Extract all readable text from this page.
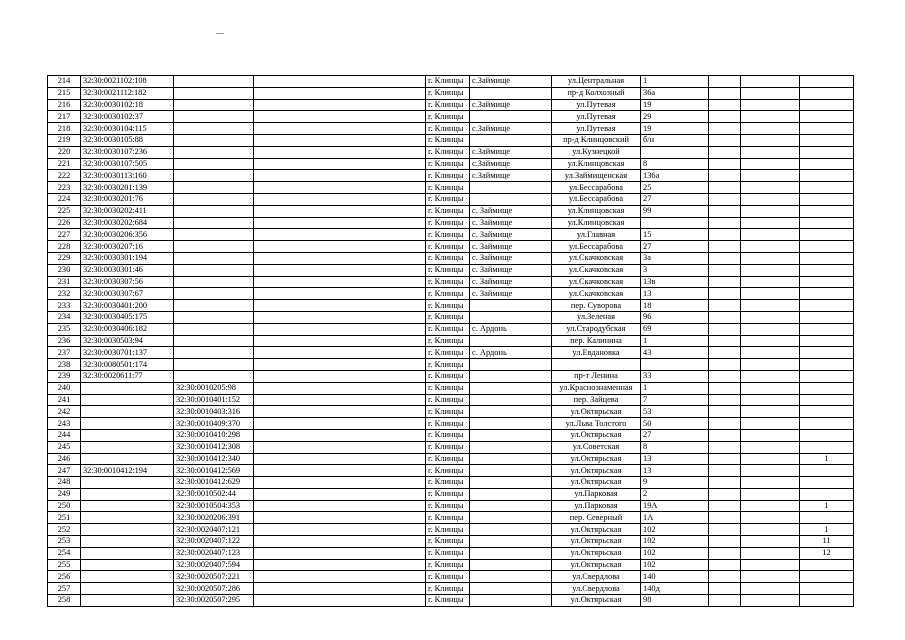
214	32:30:0021102:108			г. Клинцы	с.Займище	ул.Центральная	1			
215	32:30:0021112:182			г. Клинцы		пр-д Колхозный	36а			
216	32:30:0030102:18			г. Клинцы	с.Займище	ул.Путевая	19			
217	32:30:0030102:37			г. Клинцы		ул.Путевая	29			
218	32:30:0030104:115			г. Клинцы	с.Займище	ул.Путевая	19			
219	32:30:0030105:88			г. Клинцы		пр-д Клинцовский	б/н			
220	32:30:0030107:236			г. Клинцы	с.Займище	ул.Кузнецкой				
221	32:30:0030107:505			г. Клинцы	с.Займище	ул.Клинцовская	8			
222	32:30:0030113:160			г. Клинцы	с.Займище	ул.Займищенская	136а			
223	32:30:0030201:139			г. Клинцы		ул.Бессарабова	25			
224	32:30:0030201:76			г. Клинцы		ул.Бессарабова	27			
225	32:30:0030202:411			г. Клинцы	с. Займище	ул.Клинцовская	99			
226	32:30:0030202:684			г. Клинцы	с. Займище	ул.Клинцовская				
227	32:30:0030206:356			г. Клинцы	с. Займище	ул.Главная	15			
228	32:30:0030207:16			г. Клинцы	с. Займище	ул.Бессарабова	27			
229	32:30:0030301:194			г. Клинцы	с. Займище	ул.Скачковская	3а			
230	32:30:0030301:46			г. Клинцы	с. Займище	ул.Скачковская	3			
231	32:30:0030307:56			г. Клинцы	с. Займище	ул.Скачковская	13в			
232	32:30:0030307:67			г. Клинцы	с. Займище	ул.Скачковская	13			
233	32:30:0030401:200			г. Клинцы		пер. Суворова	18			
234	32:30:0030405:175			г. Клинцы		ул.Зеленая	96			
235	32:30:0030406:182			г. Клинцы	с. Ардонь	ул.Стародубская	69			
236	32:30:0030503:94			г. Клинцы		пер. Калинина	1			
237	32:30:0030701:137			г. Клинцы	с. Ардонь	ул.Евдановка	43			
238	32:30:0080501:174			г. Клинцы						
239	32:30:0020611:77			г. Клинцы		пр-т Ленина	33			
240		32:30:0010205:98		г. Клинцы		ул.Краснознаменная	1			
241		32:30:0010401:152		г. Клинцы		пер. Зайцева	7			
242		32:30:0010403:316		г. Клинцы		ул.Октярьская	53			
243		32:30:0010409:370		г. Клинцы		ул.Льва Толстого	50			
244		32:30:0010410:298		г. Клинцы		ул.Октярьская	27			
245		32:30:0010412:308		г. Клинцы		ул.Советская	8			
246		32:30:0010412:340		г. Клинцы		ул.Октярьская	13			1
247	32:30:0010412:194	32:30:0010412:569		г. Клинцы		ул.Октярьская	13			
248		32:30:0010412:629		г. Клинцы		ул.Октярьская	9			
249		32:30:0010502:44		г. Клинцы		ул.Парковая	2			
250		32:30:0010504:353		г. Клинцы		ул.Парковая	19А			1
251		32:30:0020206:391		г. Клинцы		пер. Северный	1А			
252		32:30:0020407:121		г. Клинцы		ул.Октярьская	102			1
253		32:30:0020407:122		г. Клинцы		ул.Октярьская	102			11
254		32:30:0020407:123		г. Клинцы		ул.Октярьская	102			12
255		32:30:0020407:594		г. Клинцы		ул.Октярьская	102			
256		32:30:0020507:221		г. Клинцы		ул.Свердлова	140			
257		32:30:0020507:286		г. Клинцы		ул.Свердлова	140д			
258		32:30:0020507:295		г. Клинцы		ул.Октярьская	98			
